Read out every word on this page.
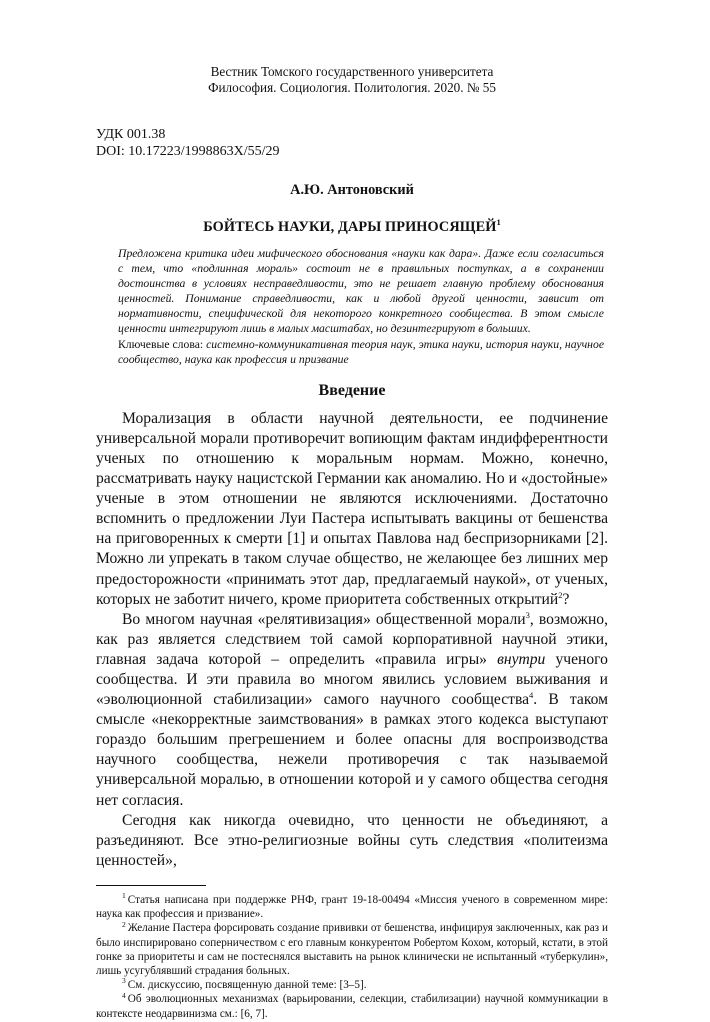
Вестник Томского государственного университета
Философия. Социология. Политология. 2020. № 55
УДК 001.38
DOI: 10.17223/1998863X/55/29
А.Ю. Антоновский
БОЙТЕСЬ НАУКИ, ДАРЫ ПРИНОСЯЩЕЙ$^1$
Предложена критика идеи мифического обоснования «науки как дара». Даже если согласиться с тем, что «подлинная мораль» состоит не в правильных поступках, а в сохранении достоинства в условиях несправедливости, это не решает главную проблему обоснования ценностей. Понимание справедливости, как и любой другой ценности, зависит от нормативности, специфической для некоторого конкретного сообщества. В этом смысле ценности интегрируют лишь в малых масштабах, но дезинтегрируют в больших.
Ключевые слова: системно-коммуникативная теория наук, этика науки, история науки, научное сообщество, наука как профессия и призвание
Введение

Морализация в области научной деятельности, ее подчинение универсальной морали противоречит вопиющим фактам индифферентности ученых по отношению к моральным нормам. Можно, конечно, рассматривать науку нацистской Германии как аномалию. Но и «достойные» ученые в этом отношении не являются исключениями. Достаточно вспомнить о предложении Луи Пастера испытывать вакцины от бешенства на приговоренных к смерти [1] и опытах Павлова над беспризорниками [2]. Можно ли упрекать в таком случае общество, не желающее без лишних мер предосторожности «принимать этот дар, предлагаемый наукой», от ученых, которых не заботит ничего, кроме приоритета собственных открытий$^2$?

Во многом научная «релятивизация» общественной морали$^3$, возможно, как раз является следствием той самой корпоративной научной этики, главная задача которой – определить «правила игры» внутри ученого сообщества. И эти правила во многом явились условием выживания и «эволюционной стабилизации» самого научного сообщества$^4$. В таком смысле «некорректные заимствования» в рамках этого кодекса выступают гораздо большим прегрешением и более опасны для воспроизводства научного сообщества, нежели противоречия с так называемой универсальной моралью, в отношении которой и у самого общества сегодня нет согласия.

Сегодня как никогда очевидно, что ценности не объединяют, а разъединяют. Все этно-религиозные войны суть следствия «политеизма ценностей»,

$^1$ Статья написана при поддержке РНФ, грант 19-18-00494 «Миссия ученого в современном мире: наука как профессия и призвание».

$^2$ Желание Пастера форсировать создание прививки от бешенства, инфицируя заключенных, как раз и было инспирировано соперничеством с его главным конкурентом Робертом Кохом, который, кстати, в этой гонке за приоритеты и сам не постеснялся выставить на рынок клинически не испытанный «туберкулин», лишь усугублявший страдания больных.

$^3$ См. дискуссию, посвященную данной теме: [3–5].

$^4$ Об эволюционных механизмах (варьировании, селекции, стабилизации) научной коммуникации в контексте неодарвинизма см.: [6, 7].
